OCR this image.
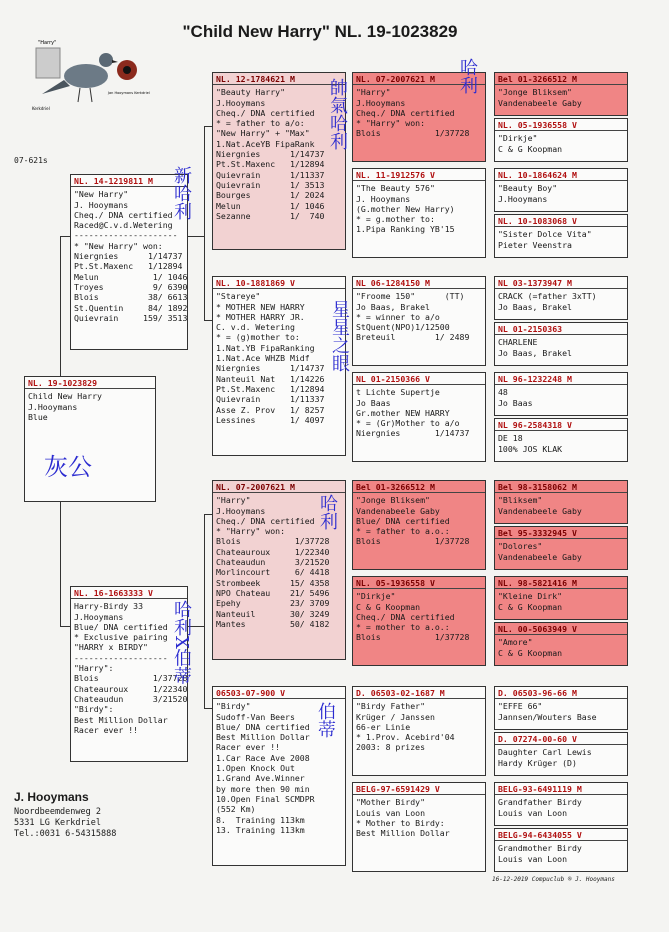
"Child New Harry" NL. 19-1023829
"Harry"
Kerkdriel
Jan Hooymans Kerkdriel
07-621s
NL. 19-1023829
Child New Harry
J.Hooymans
Blue
灰公
NL. 14-1219811 M
"New Harry"
J. Hooymans
Cheq./ DNA certified
Raced@C.v.d.Wetering
---------------------
* "New Harry" won:
Niergnies      1/14737
Pt.St.Maxenc   1/12894
Melun           1/ 1046
Troyes          9/ 6390
Blois          38/ 6613
St.Quentin     84/ 1892
Quievrain     159/ 3513
新哈利
NL. 16-1663333 V
Harry-Birdy 33
J.Hooymans
Blue/ DNA certified
* Exclusive pairing
"HARRY x BIRDY"
-------------------
"Harry":
Blois           1/37728
Chateauroux     1/22340
Chateaudun      3/21520
"Birdy":
Best Million Dollar
Racer ever !!
哈利X伯蒂
NL. 12-1784621 M
"Beauty Harry"
J.Hooymans
Cheq./ DNA certified
* = father to a/o:
"New Harry" + "Max"
1.Nat.AceYB FipaRank
Niergnies      1/14737
Pt.St.Maxenc   1/12894
Quievrain      1/11337
Quievrain      1/ 3513
Bourges        1/ 2024
Melun          1/ 1046
Sezanne        1/  740
帥氣哈利
NL. 10-1881869 V
"Stareye"
* MOTHER NEW HARRY
* MOTHER HARRY JR.
C. v.d. Wetering
* = (g)mother to:
1.Nat.YB FipaRanking
1.Nat.Ace WHZB Midf
Niergnies      1/14737
Nanteuil Nat   1/14226
Pt.St.Maxenc   1/12894
Quievrain      1/11337
Asse Z. Prov   1/ 8257
Lessines       1/ 4097
星星之眼
NL. 07-2007621 M
"Harry"
J.Hooymans
Cheq./ DNA certified
* "Harry" won:
Blois           1/37728
Chateauroux     1/22340
Chateaudun      3/21520
Morlincourt     6/ 4418
Strombeek      15/ 4358
NPO Chateau    21/ 5496
Epehy          23/ 3709
Nanteuil       30/ 3249
Mantes         50/ 4182
哈利
06503-07-900 V
"Birdy"
Sudoff-Van Beers
Blue/ DNA certified
Best Million Dollar
Racer ever !!
1.Car Race Ave 2008
1.Open Knock Out
1.Grand Ave.Winner
by more then 90 min
10.Open Final SCMDPR
(552 Km)
8.  Training 113km
13. Training 113km
伯蒂
NL. 07-2007621 M
"Harry"
J.Hooymans
Cheq./ DNA certified
* "Harry" won:
Blois           1/37728
哈利
NL. 11-1912576 V
"The Beauty 576"
J. Hooymans
(G.mother New Harry)
* = g.mother to:
1.Pipa Ranking YB'15
NL 06-1284150 M
"Froome 150"      (TT)
Jo Baas, Brakel
* = winner to a/o
StQuent(NPO)1/12500
Breteuil        1/ 2489
NL 01-2150366 V
t Lichte Supertje
Jo Baas
Gr.mother NEW HARRY
* = (Gr)Mother to a/o
Niergnies       1/14737
Bel 01-3266512 M
"Jonge Bliksem"
Vandenabeele Gaby
Blue/ DNA certified
* = father to a.o.:
Blois           1/37728
NL. 05-1936558 V
"Dirkje"
C & G Koopman
Cheq./ DNA certified
* = mother to a.o.:
Blois           1/37728
D. 06503-02-1687 M
"Birdy Father"
Krüger / Janssen
66-er Linie
* 1.Prov. Acebird'04
2003: 8 prizes
BELG-97-6591429 V
"Mother Birdy"
Louis van Loon
* Mother to Birdy:
Best Million Dollar
Bel 01-3266512 M
"Jonge Bliksem"
Vandenabeele Gaby
NL. 05-1936558 V
"Dirkje"
C & G Koopman
NL. 10-1864624 M
"Beauty Boy"
J.Hooymans
NL. 10-1083068 V
"Sister Dolce Vita"
Pieter Veenstra
NL 03-1373947 M
CRACK (=father 3xTT)
Jo Baas, Brakel
NL 01-2150363
CHARLENE
Jo Baas, Brakel
NL 96-1232248 M
48
Jo Baas
NL 96-2584318 V
DE 18
100% JOS KLAK
Bel 98-3158062 M
"Bliksem"
Vandenabeele Gaby
Bel 95-3332945 V
"Dolores"
Vandenabeele Gaby
NL. 98-5821416 M
"Kleine Dirk"
C & G Koopman
NL. 00-5063949 V
"Amore"
C & G Koopman
D. 06503-96-66 M
"EFFE 66"
Jannsen/Wouters Base
D. 07274-00-60 V
Daughter Carl Lewis
Hardy Krüger (D)
BELG-93-6491119 M
Grandfather Birdy
Louis van Loon
BELG-94-6434055 V
Grandmother Birdy
Louis van Loon
J. Hooymans
Noordbeemdenweg 2
5331 LG Kerkdriel
Tel.:0031 6-54315888
16-12-2019 Compuclub ® J. Hooymans
